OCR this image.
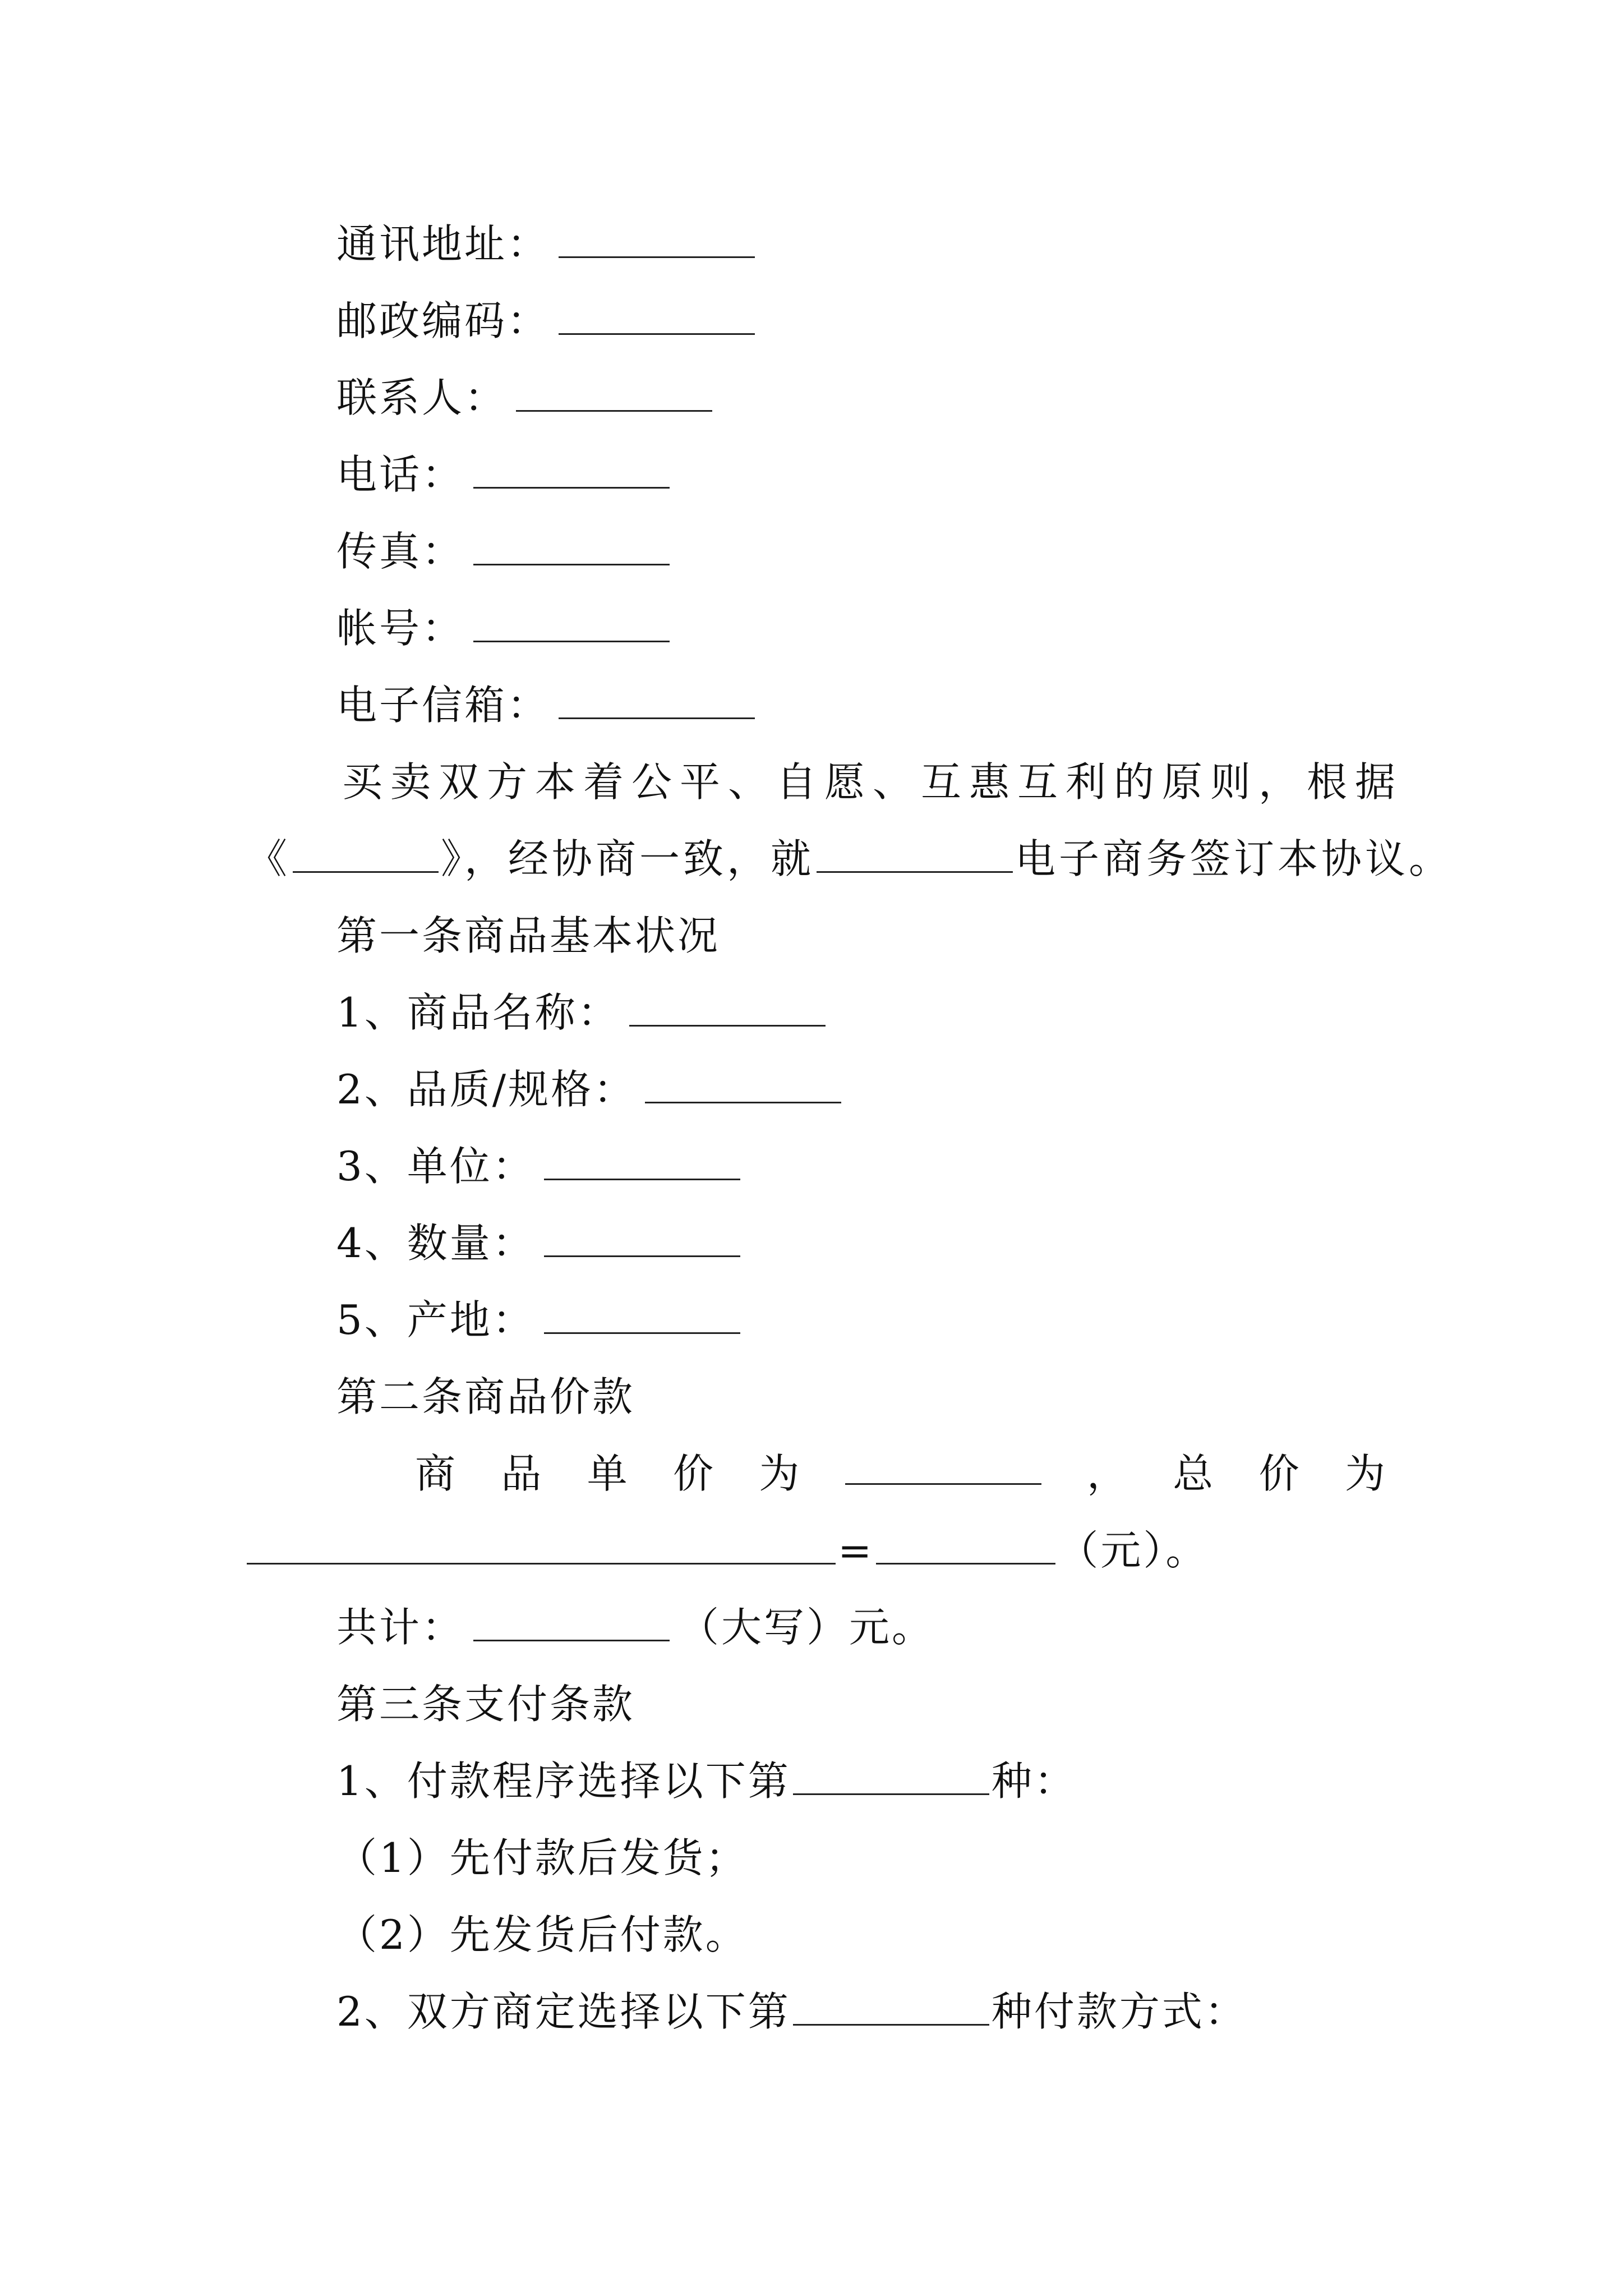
通讯地址：
邮政编码：
联系人：
电话：
传真：
帐号：
电子信箱：
买卖双方本着公平、自愿、互惠互利的原则，根据
《	》，经协商一致，就	电子商务签订本协议。
第一条商品基本状况
1、商品名称：
2、品质/规格：
3、单位：
4、数量：
5、产地：
第二条商品价款
商 品 单 价 为	， 总 价 为
=	（元）。
共计：	（大写）元。
第三条支付条款
1、付款程序选择以下第	种：
（1）先付款后发货；
（2）先发货后付款。
2、双方商定选择以下第	种付款方式：
